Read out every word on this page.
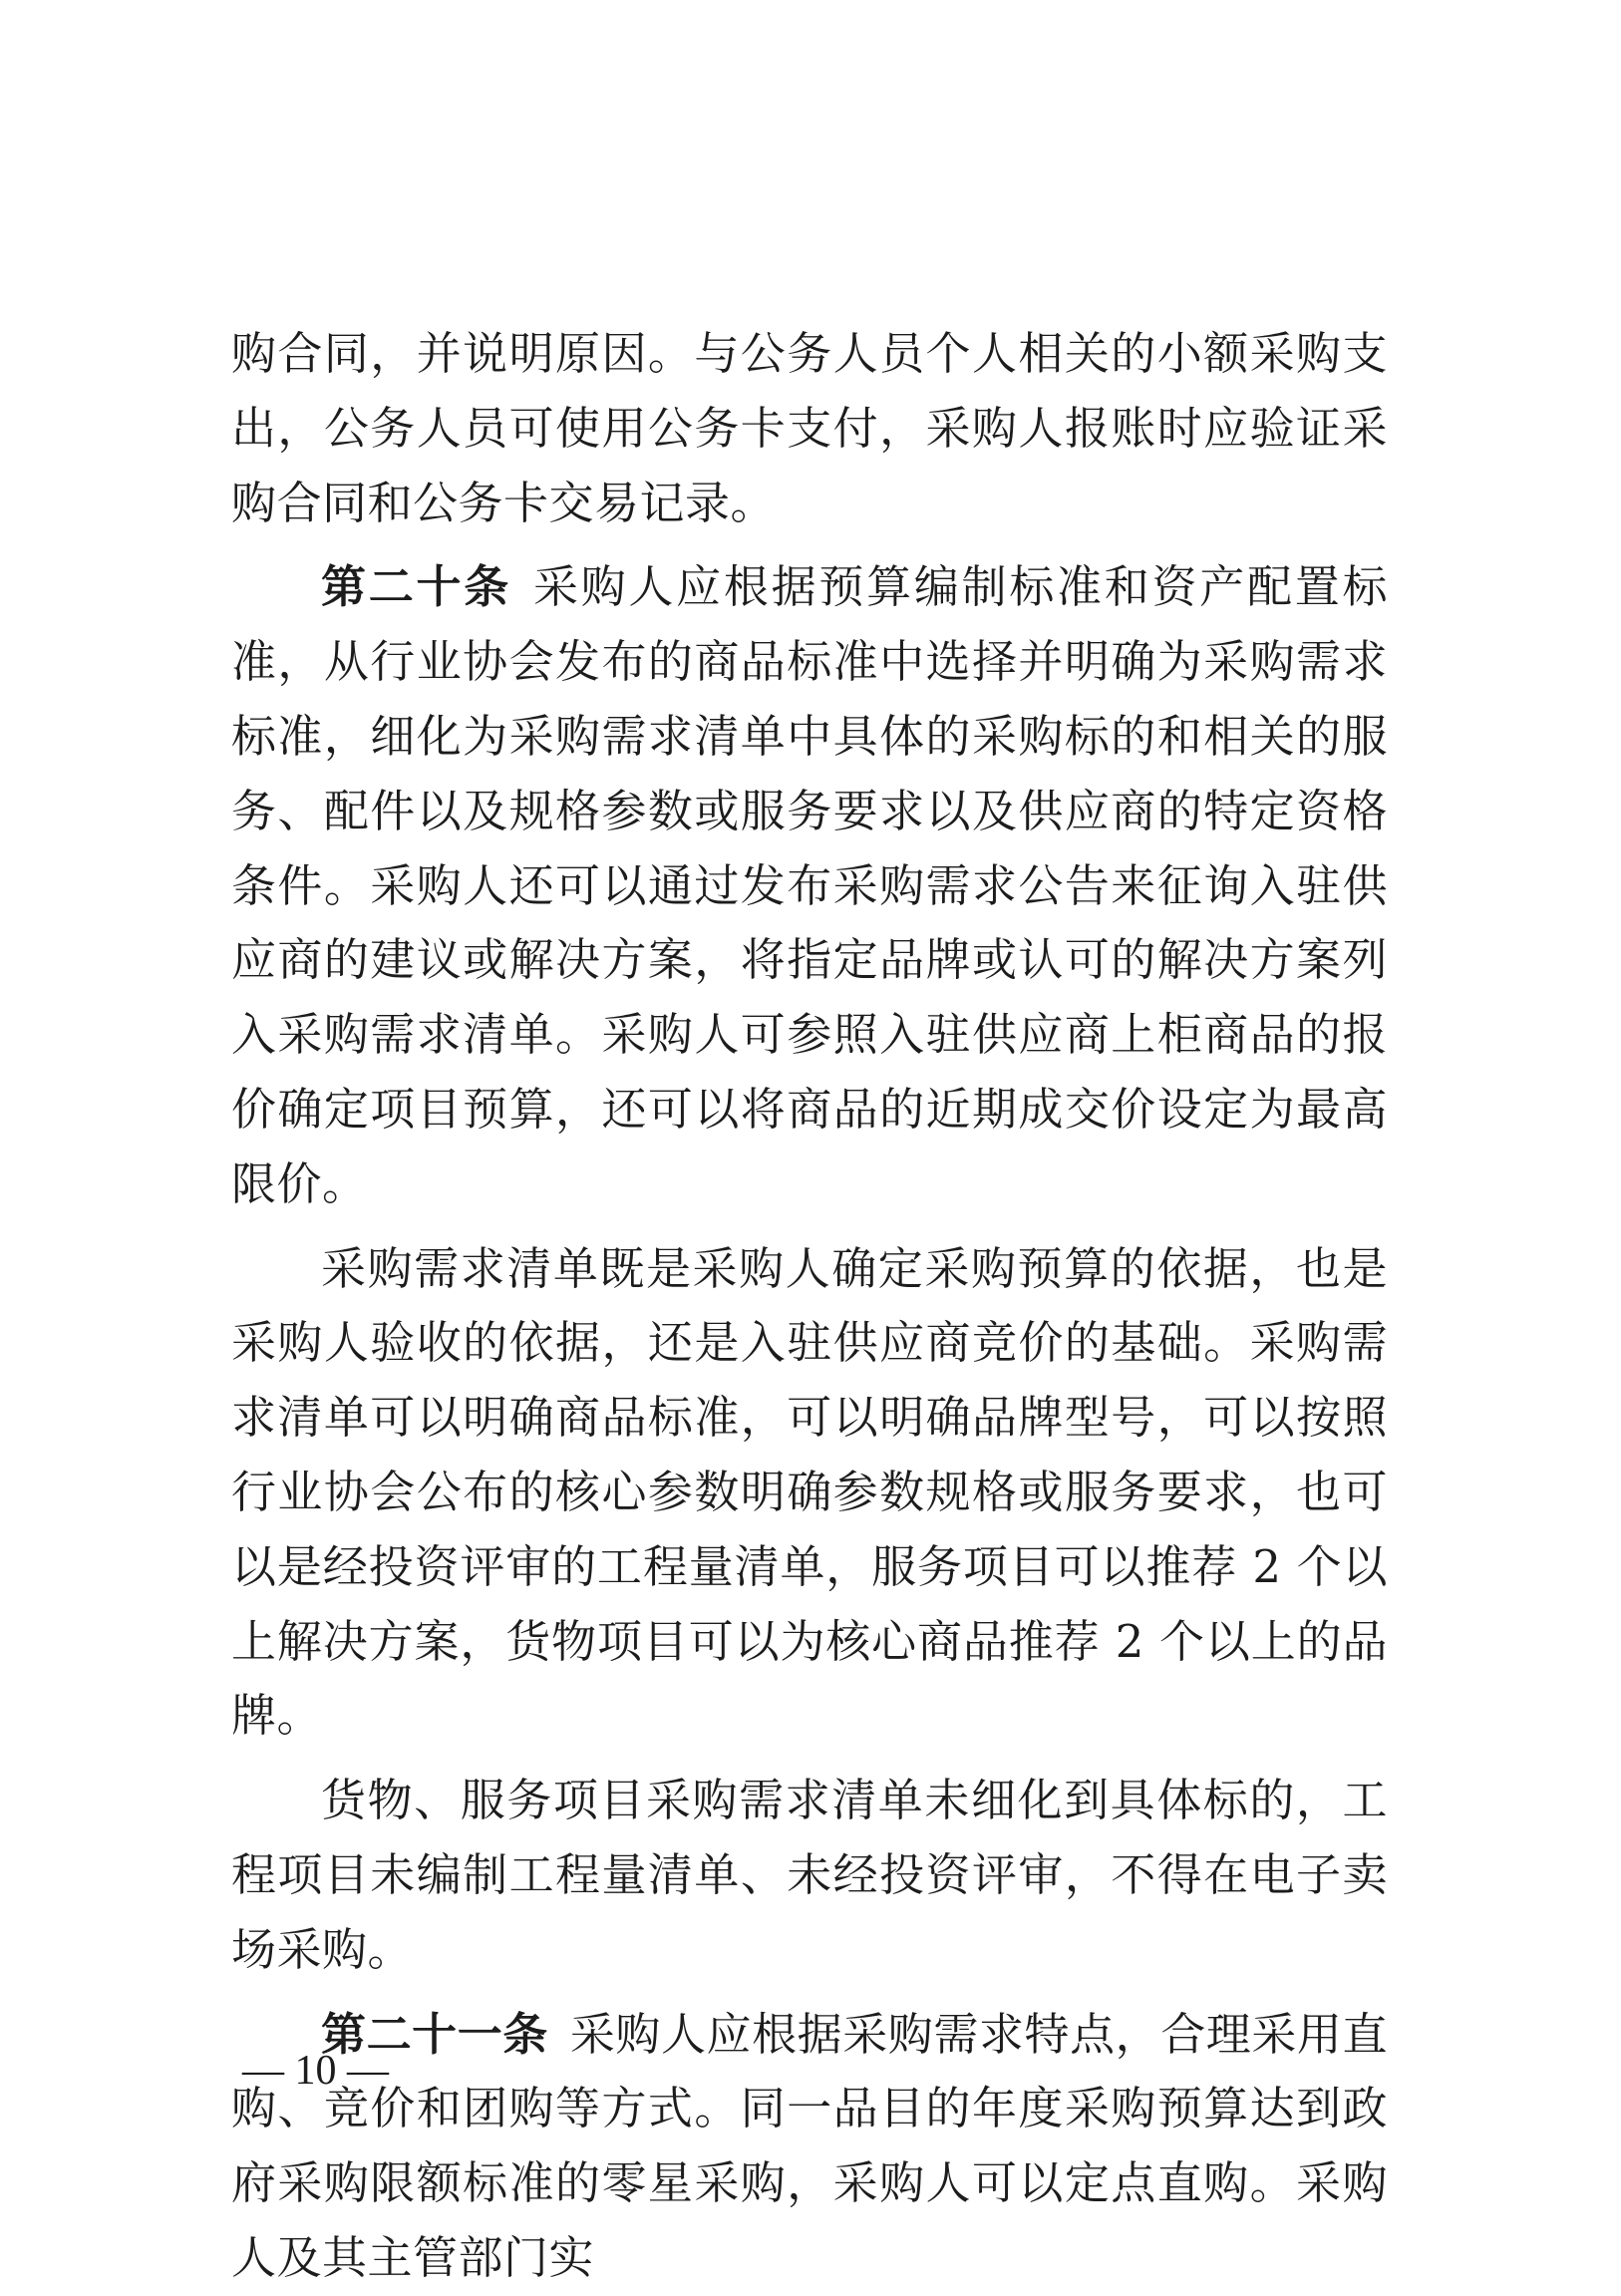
购合同，并说明原因。与公务人员个人相关的小额采购支出，公务人员可使用公务卡支付，采购人报账时应验证采购合同和公务卡交易记录。

第二十条 采购人应根据预算编制标准和资产配置标准，从行业协会发布的商品标准中选择并明确为采购需求标准，细化为采购需求清单中具体的采购标的和相关的服务、配件以及规格参数或服务要求以及供应商的特定资格条件。采购人还可以通过发布采购需求公告来征询入驻供应商的建议或解决方案，将指定品牌或认可的解决方案列入采购需求清单。采购人可参照入驻供应商上柜商品的报价确定项目预算，还可以将商品的近期成交价设定为最高限价。

采购需求清单既是采购人确定采购预算的依据，也是采购人验收的依据，还是入驻供应商竞价的基础。采购需求清单可以明确商品标准，可以明确品牌型号，可以按照行业协会公布的核心参数明确参数规格或服务要求，也可以是经投资评审的工程量清单，服务项目可以推荐 2 个以上解决方案，货物项目可以为核心商品推荐 2 个以上的品牌。

货物、服务项目采购需求清单未细化到具体标的，工程项目未编制工程量清单、未经投资评审，不得在电子卖场采购。

第二十一条 采购人应根据采购需求特点，合理采用直购、竞价和团购等方式。同一品目的年度采购预算达到政府采购限额标准的零星采购，采购人可以定点直购。采购人及其主管部门实

— 10 —
